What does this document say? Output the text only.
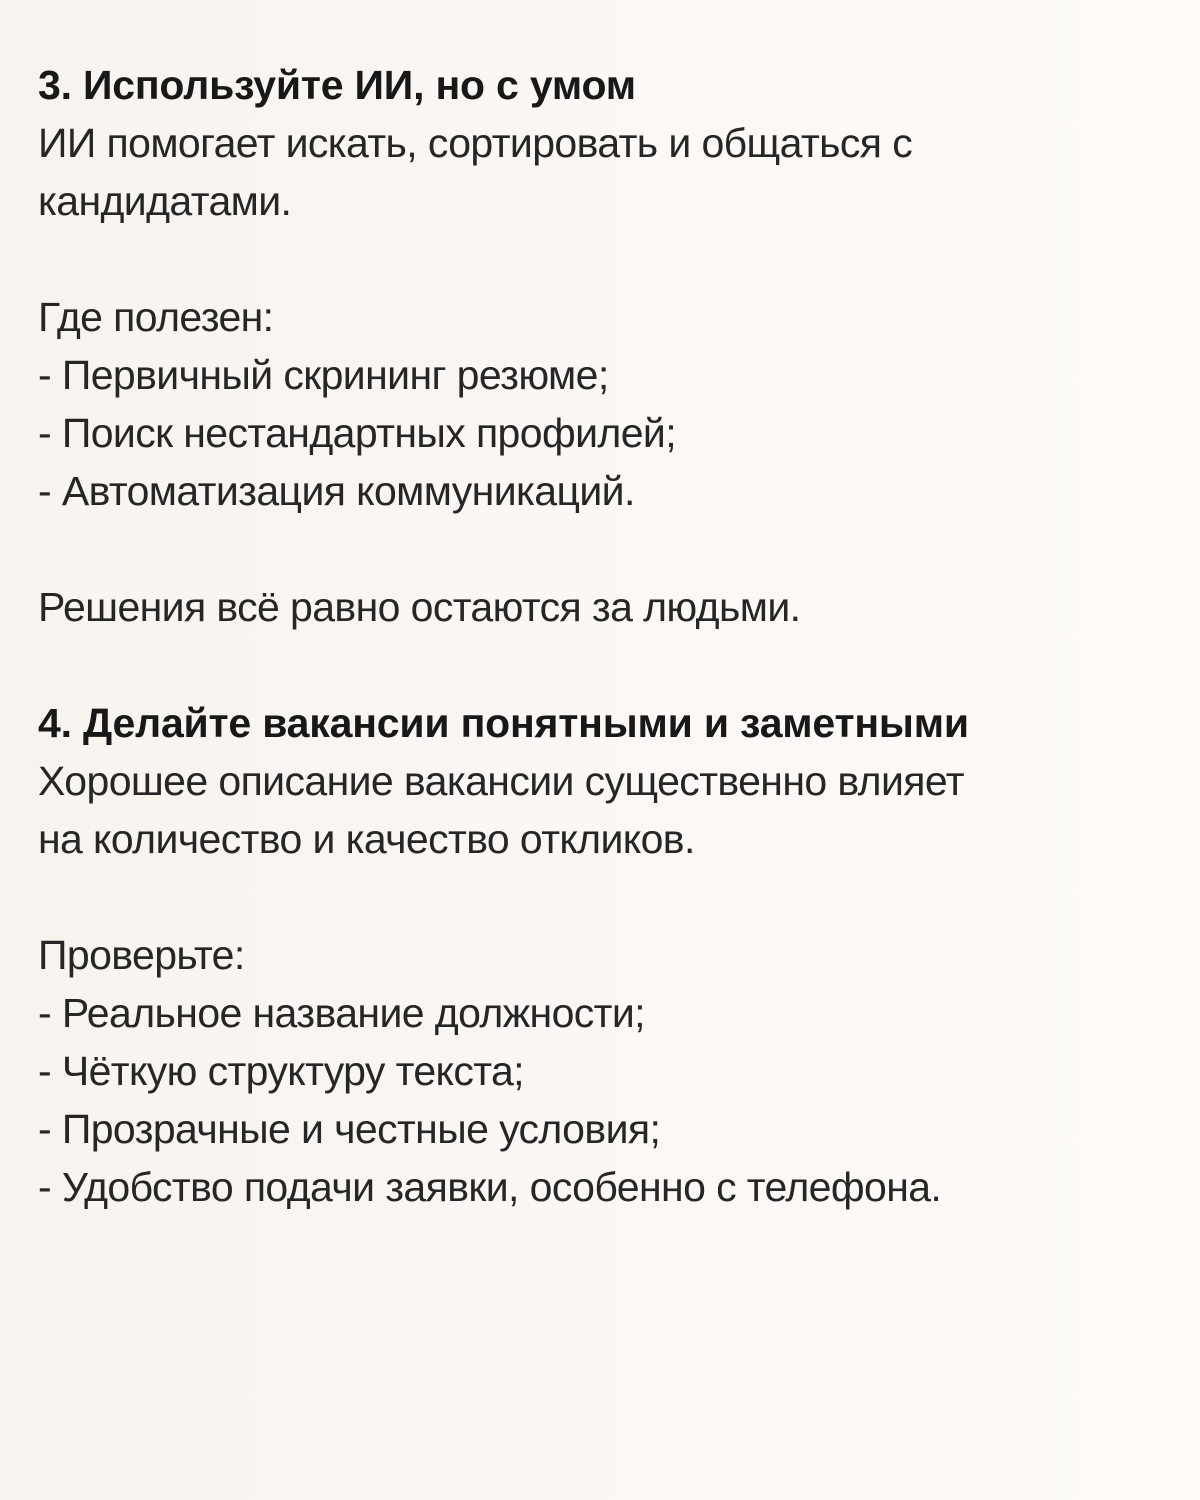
3. Используйте ИИ, но с умом

ИИ помогает искать, сортировать и общаться с

кандидатами.

Где полезен:

- Первичный скрининг резюме;
- Поиск нестандартных профилей;
- Автоматизация коммуникаций.

Решения всё равно остаются за людьми.

4. Делайте вакансии понятными и заметными

Хорошее описание вакансии существенно влияет

на количество и качество откликов.

Проверьте:

- Реальное название должности;
- Чёткую структуру текста;
- Прозрачные и честные условия;
- Удобство подачи заявки, особенно с телефона.
